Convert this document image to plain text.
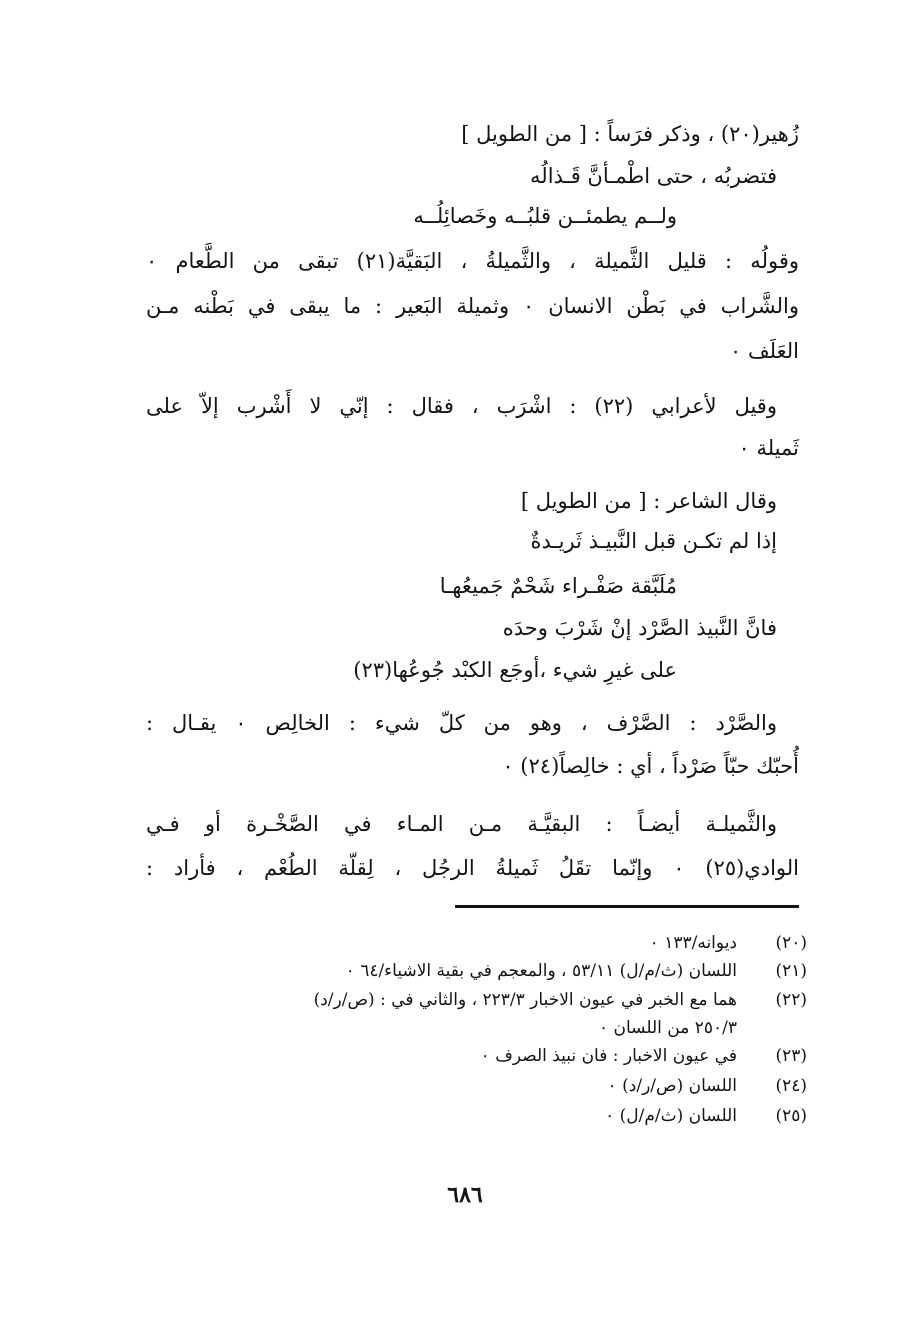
زُهير(٢٠) ، وذكر فرَساً : [ من الطويل ]
فتضربُه ، حتى اطْمـأنَّ قَـذالُه
ولــم يطمئــن قلبُــه وخَصائِلُــه
وقولُه : قليل الثَّميلة ، والثَّميلةُ ، البَقيَّة(٢١) تبقى من الطَّعام ٠
والشَّراب في بَطْن الانسان ٠ وثميلة البَعير : ما يبقى في بَطْنه مـن
العَلَف ٠
وقيل لأعرابي (٢٢) : اشْرَب ، فقال : إنّي لا أَشْرب إلاّ على
ثَميلة ٠
وقال الشاعر : [ من الطويل ]
إذا لم تكـن قبل النَّبيـذ ثَريـدةٌ
مُلَبَّقة صَفْـراء شَحْمٌ جَميعُهـا
فانَّ النَّبيذ الصَّرْد إنْ شَرْبَ وحدَه
على غيرِ شيء ،أوجَع الكبْد جُوعُها(٢٣)
والصَّرْد : الصَّرْف ، وهو من كلّ شيء : الخالِص ٠ يقـال :
أُحبّك حبّاً صَرْداً ، أي : خالِصاً(٢٤) ٠
والثَّميلـة أيضـاً : البقيَّـة مـن المـاء في الصَّخْـرة أو فـي
الوادي(٢٥) ٠ وإنّما تقَلُ ثَميلةُ الرجُل ، لِقلّة الطُعْم ، فأراد :
(٢٠)
ديوانه/١٣٣ ٠
(٢١)
اللسان (ث/م/ل) ٥٣/١١ ، والمعجم في بقية الاشياء/٦٤ ٠
(٢٢)
هما مع الخبر في عيون الاخبار ٢٢٣/٣ ، والثاني في : (ص/ر/د)
٢٥٠/٣ من اللسان ٠
(٢٣)
في عيون الاخبار : فان نبيذ الصرف ٠
(٢٤)
اللسان (ص/ر/د) ٠
(٢٥)
اللسان (ث/م/ل) ٠
٦٨٦
